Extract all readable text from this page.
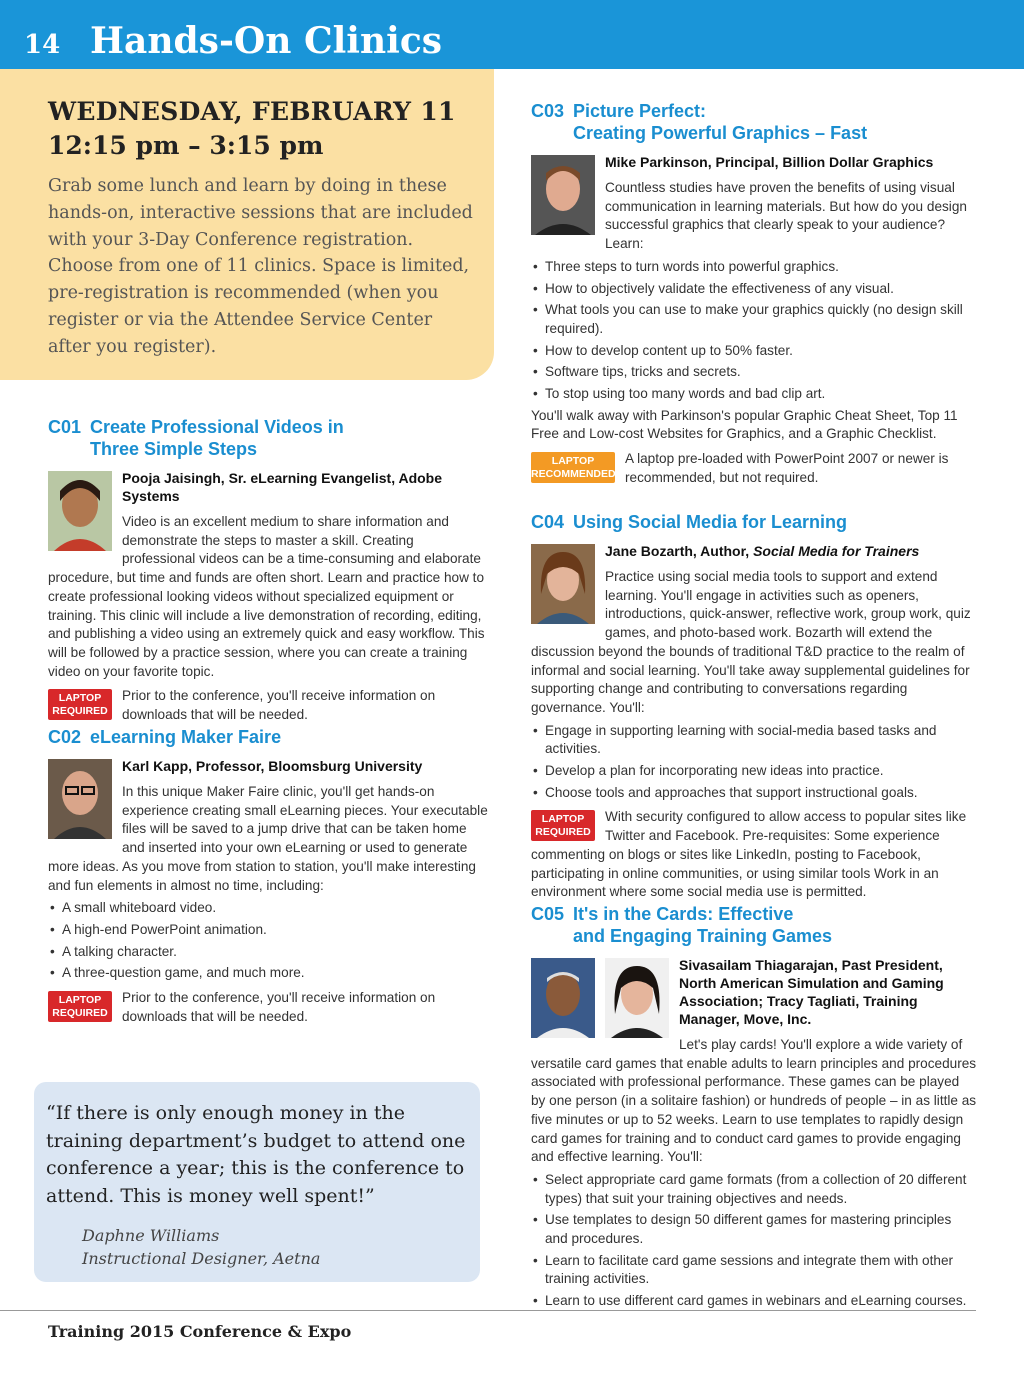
14 Hands-On Clinics
WEDNESDAY, FEBRUARY 11
12:15 pm – 3:15 pm
Grab some lunch and learn by doing in these hands-on, interactive sessions that are included with your 3-Day Conference registration. Choose from one of 11 clinics. Space is limited, pre-registration is recommended (when you register or via the Attendee Service Center after you register).
C01 Create Professional Videos in
Three Simple Steps
Pooja Jaisingh, Sr. eLearning Evangelist, Adobe Systems
Video is an excellent medium to share information and demonstrate the steps to master a skill. Creating professional videos can be a time-consuming and elaborate procedure, but time and funds are often short. Learn and practice how to create professional looking videos without specialized equipment or training. This clinic will include a live demonstration of recording, editing, and publishing a video using an extremely quick and easy workflow. This will be followed by a practice session, where you can create a training video on your favorite topic.
LAPTOP
REQUIRED
Prior to the conference, you'll receive information on downloads that will be needed.
C02 eLearning Maker Faire
Karl Kapp, Professor, Bloomsburg University
In this unique Maker Faire clinic, you'll get hands-on experience creating small eLearning pieces. Your executable files will be saved to a jump drive that can be taken home and inserted into your own eLearning or used to generate more ideas. As you move from station to station, you'll make interesting and fun elements in almost no time, including:
• A small whiteboard video.
• A high-end PowerPoint animation.
• A talking character.
• A three-question game, and much more.
LAPTOP
REQUIRED
Prior to the conference, you'll receive information on downloads that will be needed.
“If there is only enough money in the training department’s budget to attend one conference a year; this is the conference to attend. This is money well spent!”
Daphne Williams
Instructional Designer, Aetna
C03 Picture Perfect:
Creating Powerful Graphics – Fast
Mike Parkinson, Principal, Billion Dollar Graphics
Countless studies have proven the benefits of using visual communication in learning materials. But how do you design successful graphics that clearly speak to your audience? Learn:
• Three steps to turn words into powerful graphics.
• How to objectively validate the effectiveness of any visual.
• What tools you can use to make your graphics quickly (no design skill required).
• How to develop content up to 50% faster.
• Software tips, tricks and secrets.
• To stop using too many words and bad clip art.
You'll walk away with Parkinson's popular Graphic Cheat Sheet, Top 11 Free and Low-cost Websites for Graphics, and a Graphic Checklist.
LAPTOP
RECOMMENDED
A laptop pre-loaded with PowerPoint 2007 or newer is recommended, but not required.
C04 Using Social Media for Learning
Jane Bozarth, Author, Social Media for Trainers
Practice using social media tools to support and extend learning. You'll engage in activities such as openers, introductions, quick-answer, reflective work, group work, quiz games, and photo-based work. Bozarth will extend the discussion beyond the bounds of traditional T&D practice to the realm of informal and social learning. You'll take away supplemental guidelines for supporting change and contributing to conversations regarding governance. You'll:
• Engage in supporting learning with social-media based tasks and activities.
• Develop a plan for incorporating new ideas into practice.
• Choose tools and approaches that support instructional goals.
LAPTOP
REQUIRED
With security configured to allow access to popular sites like Twitter and Facebook. Pre-requisites: Some experience commenting on blogs or sites like LinkedIn, posting to Facebook, participating in online communities, or using similar tools Work in an environment where some social media use is permitted.
C05 It's in the Cards: Effective
and Engaging Training Games
Sivasailam Thiagarajan, Past President, North American Simulation and Gaming Association; Tracy Tagliati, Training Manager, Move, Inc.
Let's play cards! You'll explore a wide variety of versatile card games that enable adults to learn principles and procedures associated with professional performance. These games can be played by one person (in a solitaire fashion) or hundreds of people – in as little as five minutes or up to 52 weeks. Learn to use templates to rapidly design card games for training and to conduct card games to provide engaging and effective learning. You'll:
• Select appropriate card game formats (from a collection of 20 different types) that suit your training objectives and needs.
• Use templates to design 50 different games for mastering principles and procedures.
• Learn to facilitate card game sessions and integrate them with other training activities.
• Learn to use different card games in webinars and eLearning courses.
Training 2015 Conference & Expo
